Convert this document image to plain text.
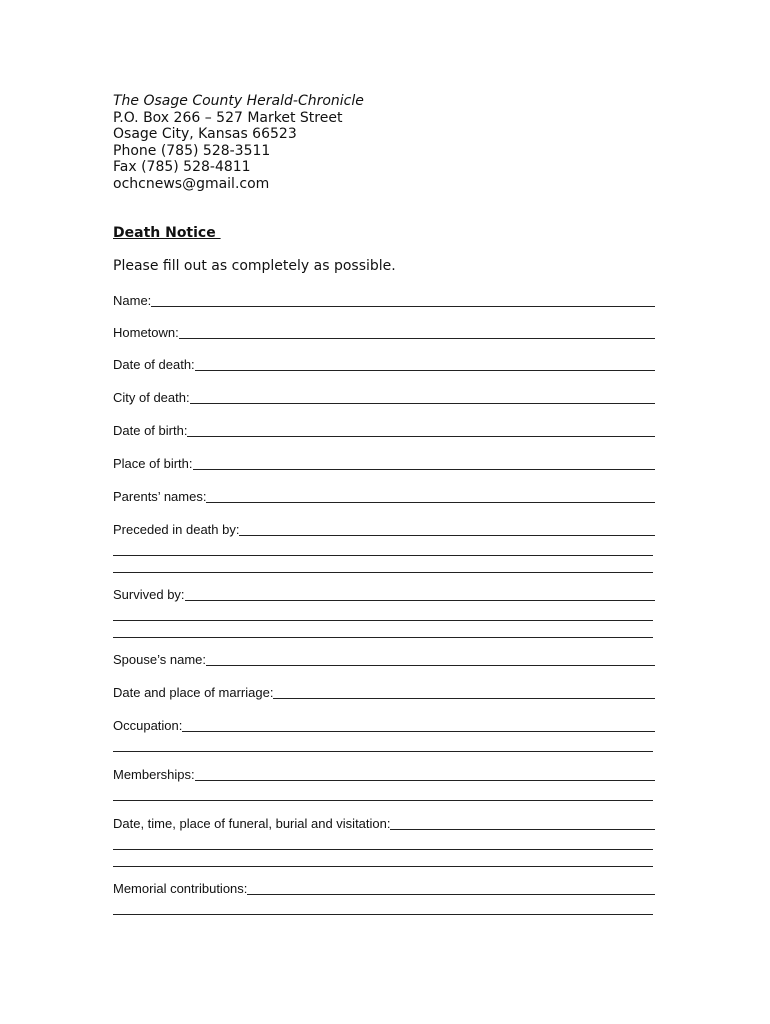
The Osage County Herald-Chronicle
P.O. Box 266 – 527 Market Street
Osage City, Kansas 66523
Phone (785) 528-3511
Fax (785) 528-4811
ochcnews@gmail.com
Death Notice
Please fill out as completely as possible.
Name:
Hometown:
Date of death:
City of death:
Date of birth:
Place of birth:
Parents’ names:
Preceded in death by:
Survived by:
Spouse’s name:
Date and place of marriage:
Occupation:
Memberships:
Date, time, place of funeral, burial and visitation:
Memorial contributions:
